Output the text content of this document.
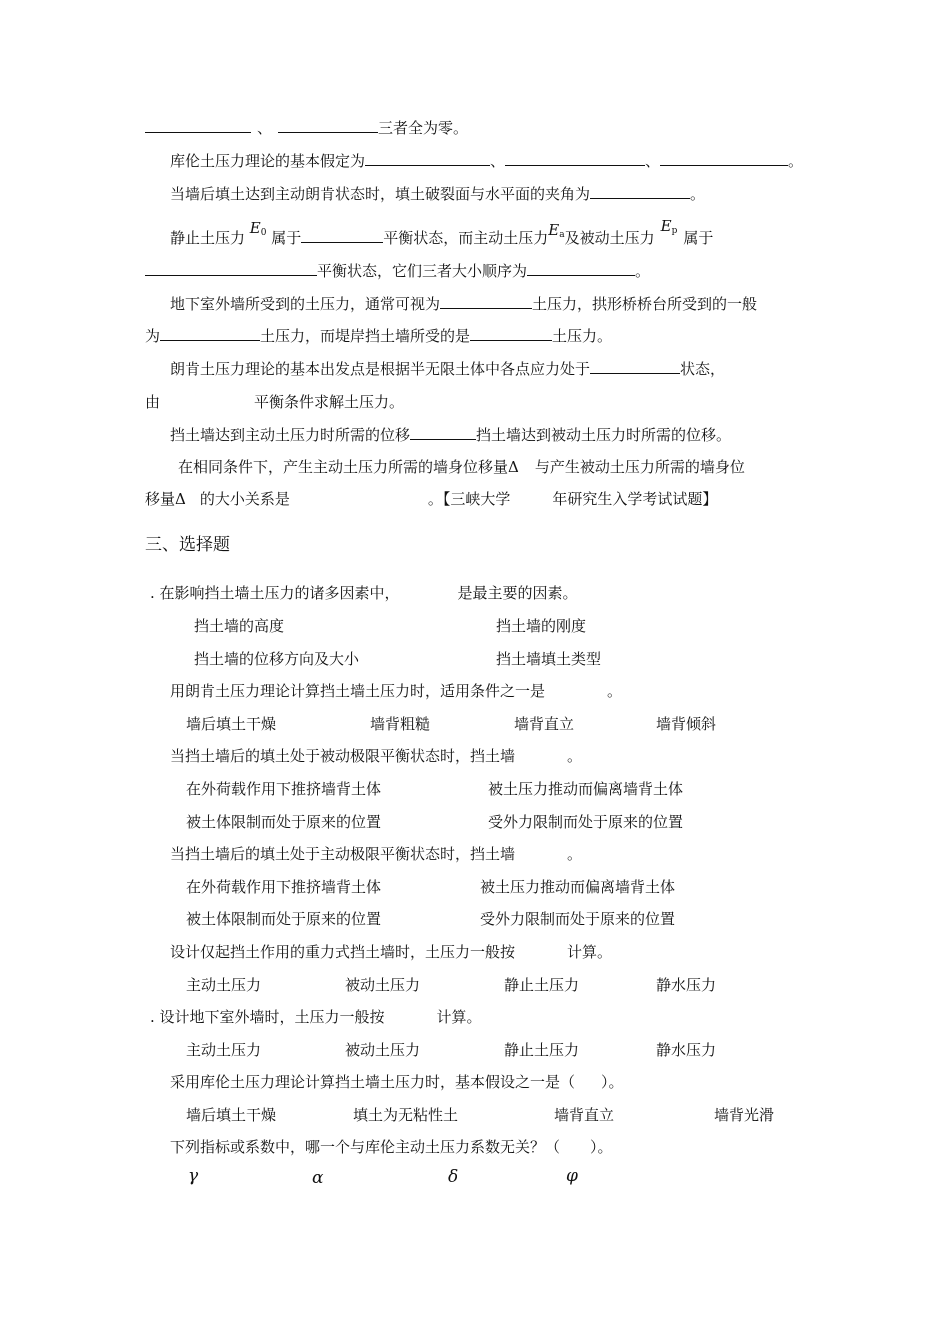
、	三者全为零。
库伦土压力理论的基本假定为	、	、	。
当墙后填土达到主动朗肯状态时，填土破裂面与水平面的夹角为	。
静止土压力 $E_0$ 属于	平衡状态，而主动土压力$E_a$及被动土压力$E_p$ 属于
平衡状态，它们三者大小顺序为	。
地下室外墙所受到的土压力，通常可视为	土压力，拱形桥桥台所受到的一般
为	土压力，而堤岸挡土墙所受的是	土压力。
朗肯土压力理论的基本出发点是根据半无限土体中各点应力处于	状态，
由	平衡条件求解土压力。
挡土墙达到主动土压力时所需的位移	挡土墙达到被动土压力时所需的位移。
在相同条件下，产生主动土压力所需的墙身位移量Δ 与产生被动土压力所需的墙身位
移量Δ 的大小关系是	。【三峡大学	年研究生入学考试试题】
三、选择题
. 在影响挡土墙土压力的诸多因素中，	是最主要的因素。
挡土墙的高度	挡土墙的刚度
挡土墙的位移方向及大小	挡土墙填土类型
用朗肯土压力理论计算挡土墙土压力时，适用条件之一是	。
墙后填土干燥	墙背粗糙	墙背直立	墙背倾斜
当挡土墙后的填土处于被动极限平衡状态时，挡土墙	。
在外荷载作用下推挤墙背土体	被土压力推动而偏离墙背土体
被土体限制而处于原来的位置	受外力限制而处于原来的位置
当挡土墙后的填土处于主动极限平衡状态时，挡土墙	。
在外荷载作用下推挤墙背土体	被土压力推动而偏离墙背土体
被土体限制而处于原来的位置	受外力限制而处于原来的位置
设计仅起挡土作用的重力式挡土墙时，土压力一般按	计算。
主动土压力	被动土压力	静止土压力	静水压力
. 设计地下室外墙时，土压力一般按	计算。
主动土压力	被动土压力	静止土压力	静水压力
采用库伦土压力理论计算挡土墙土压力时，基本假设之一是（ ）。
墙后填土干燥	填土为无粘性土	墙背直立	墙背光滑
下列指标或系数中，哪一个与库伦主动土压力系数无关？（ ）。
γ	α	δ	φ
